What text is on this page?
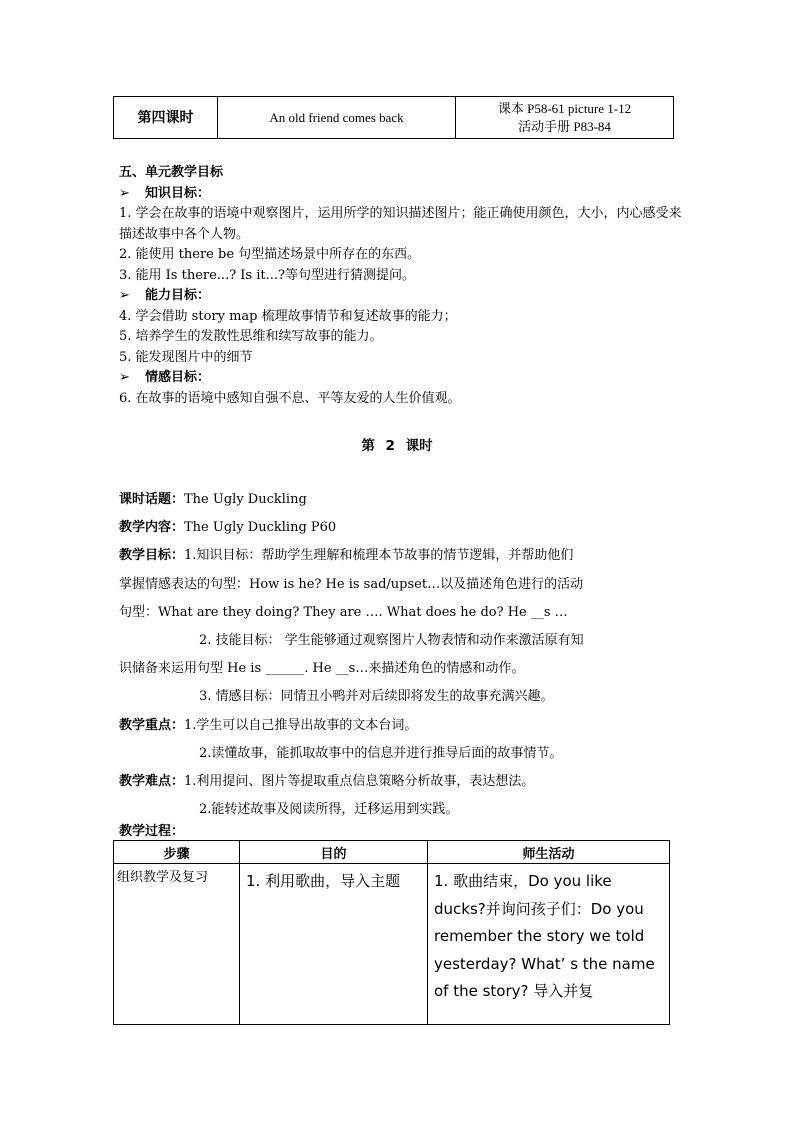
第四课时	An old friend comes back	
课本 P58-61 picture 1-12
活动手册 P83-84
五、单元教学目标
➢ 知识目标：
1. 学会在故事的语境中观察图片，运用所学的知识描述图片；能正确使用颜色，大小，内心感受来描述故事中各个人物。
2. 能使用 there be 句型描述场景中所存在的东西。
3. 能用 Is there...? Is it...?等句型进行猜测提问。
➢ 能力目标：
4. 学会借助 story map 梳理故事情节和复述故事的能力；
5. 培养学生的发散性思维和续写故事的能力。
5. 能发现图片中的细节
➢ 情感目标：
6. 在故事的语境中感知自强不息、平等友爱的人生价值观。
第 2 课时
课时话题：The Ugly Duckling
教学内容：The Ugly Duckling P60
教学目标：1.知识目标：帮助学生理解和梳理本节故事的情节逻辑，并帮助他们
掌握情感表达的句型：How is he? He is sad/upset…以及描述角色进行的活动
句型：What are they doing? They are …. What does he do? He __s …
2. 技能目标： 学生能够通过观察图片人物表情和动作来激活原有知
识储备来运用句型 He is ______. He __s…来描述角色的情感和动作。
3. 情感目标：同情丑小鸭并对后续即将发生的故事充满兴趣。
教学重点：1.学生可以自己推导出故事的文本台词。
2.读懂故事，能抓取故事中的信息并进行推导后面的故事情节。
教学难点：1.利用提问、图片等提取重点信息策略分析故事，表达想法。
2.能转述故事及阅读所得，迁移运用到实践。
教学过程：
步骤	目的	师生活动
组织教学及复习	1. 利用歌曲，导入主题	1. 歌曲结束，Do you like ducks?并询问孩子们：Do you remember the story we told yesterday? What’ s the name of the story? 导入并复
